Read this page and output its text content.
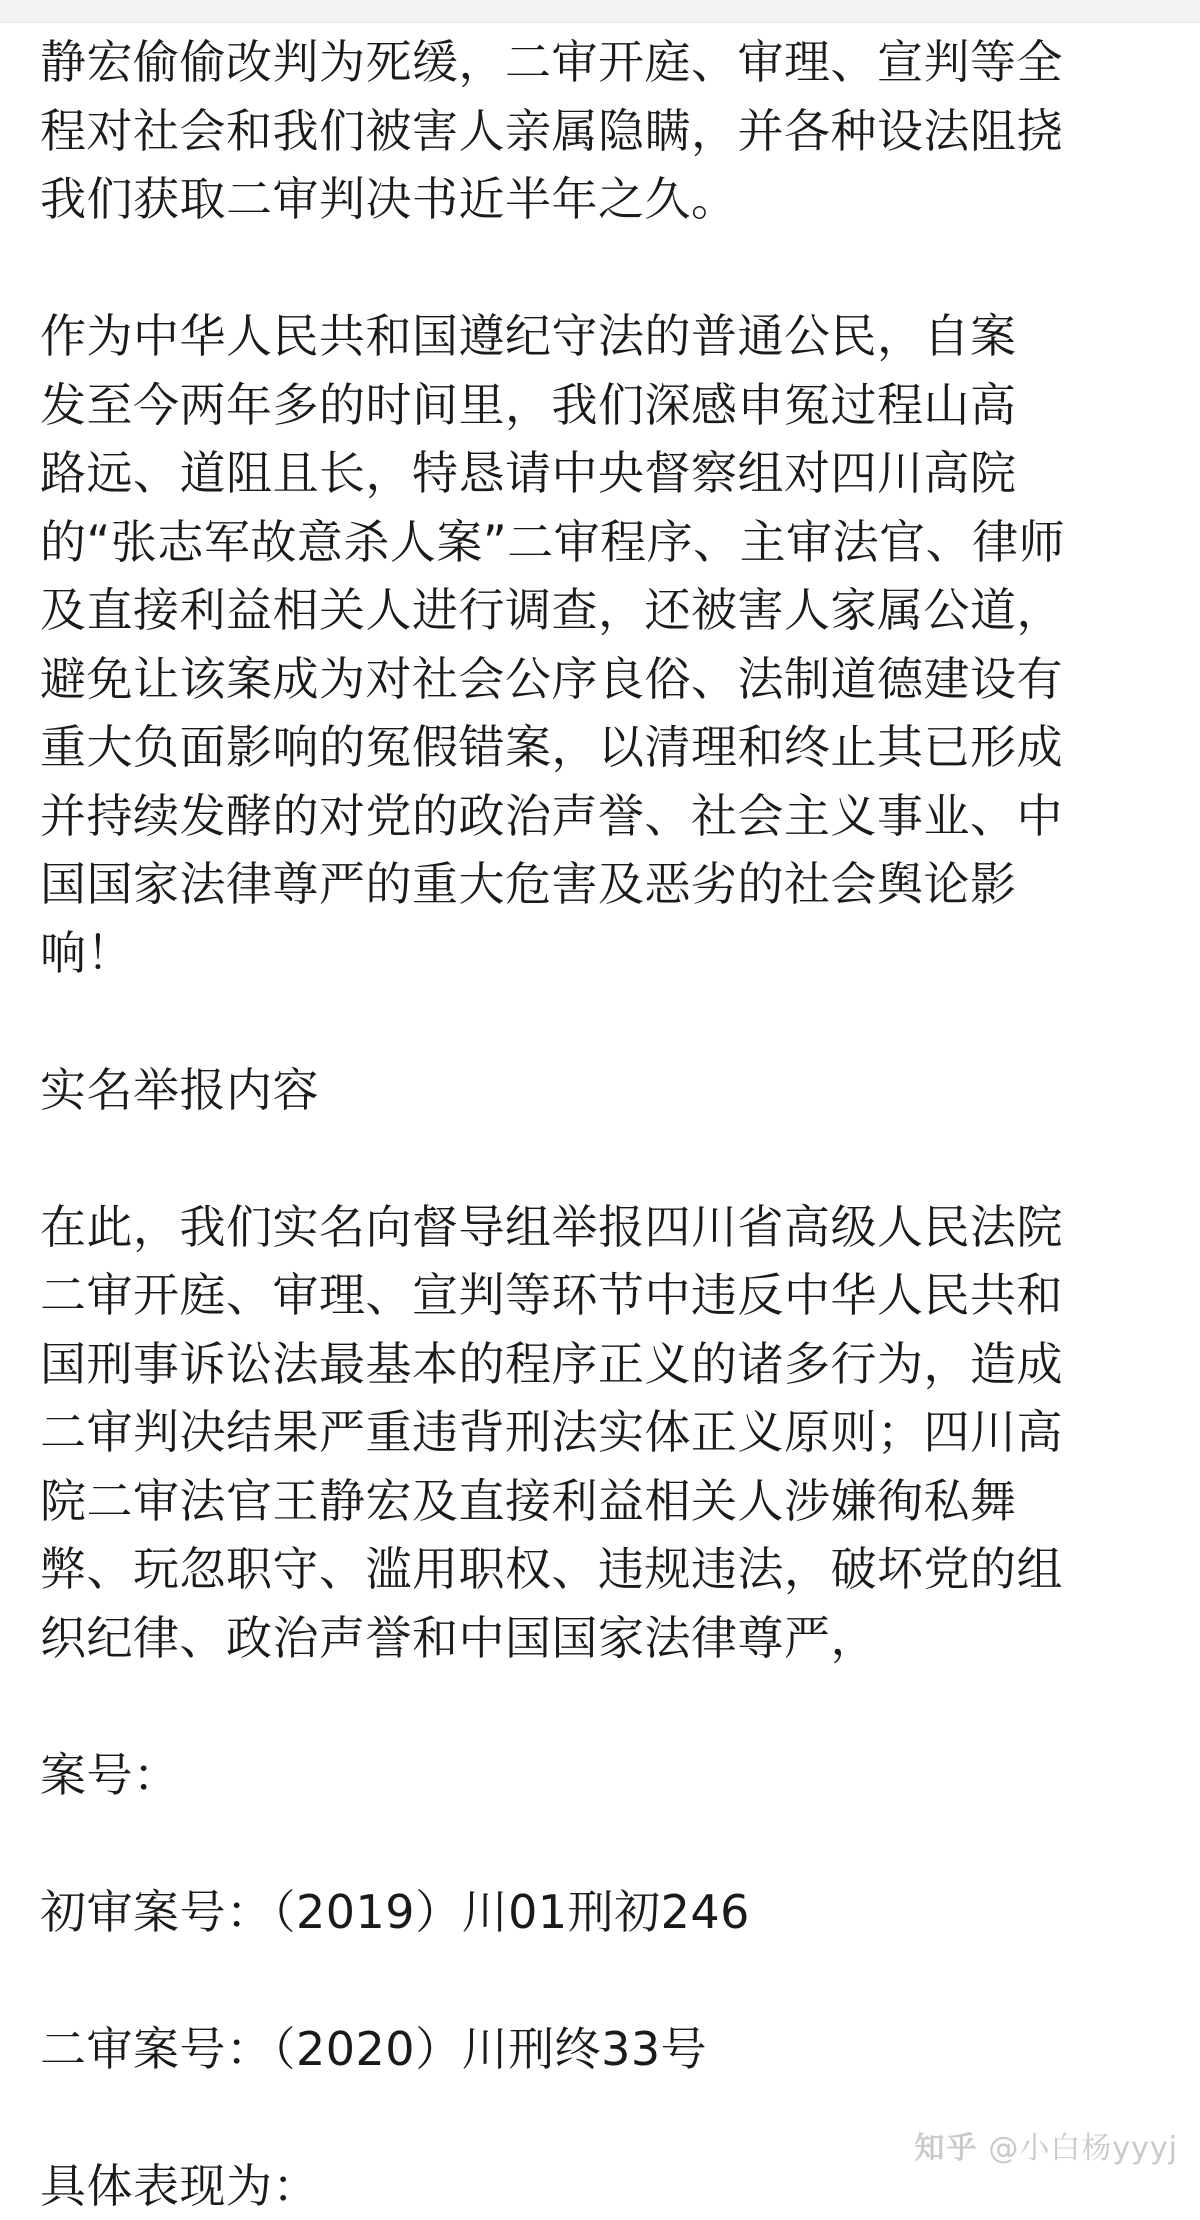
静宏偷偷改判为死缓，二审开庭、审理、宣判等全
程对社会和我们被害人亲属隐瞒，并各种设法阻挠
我们获取二审判决书近半年之久。

作为中华人民共和国遵纪守法的普通公民，自案
发至今两年多的时间里，我们深感申冤过程山高
路远、道阻且长，特恳请中央督察组对四川高院
的“张志军故意杀人案”二审程序、主审法官、律师
及直接利益相关人进行调查，还被害人家属公道，
避免让该案成为对社会公序良俗、法制道德建设有
重大负面影响的冤假错案，以清理和终止其已形成
并持续发酵的对党的政治声誉、社会主义事业、中
国国家法律尊严的重大危害及恶劣的社会舆论影
响！

实名举报内容

在此，我们实名向督导组举报四川省高级人民法院
二审开庭、审理、宣判等环节中违反中华人民共和
国刑事诉讼法最基本的程序正义的诸多行为，造成
二审判决结果严重违背刑法实体正义原则；四川高
院二审法官王静宏及直接利益相关人涉嫌徇私舞
弊、玩忽职守、滥用职权、违规违法，破坏党的组
织纪律、政治声誉和中国国家法律尊严，

案号：

初审案号：（2019）川01刑初246

二审案号：（2020）川刑终33号

具体表现为：

知乎 @小白杨yyyj
